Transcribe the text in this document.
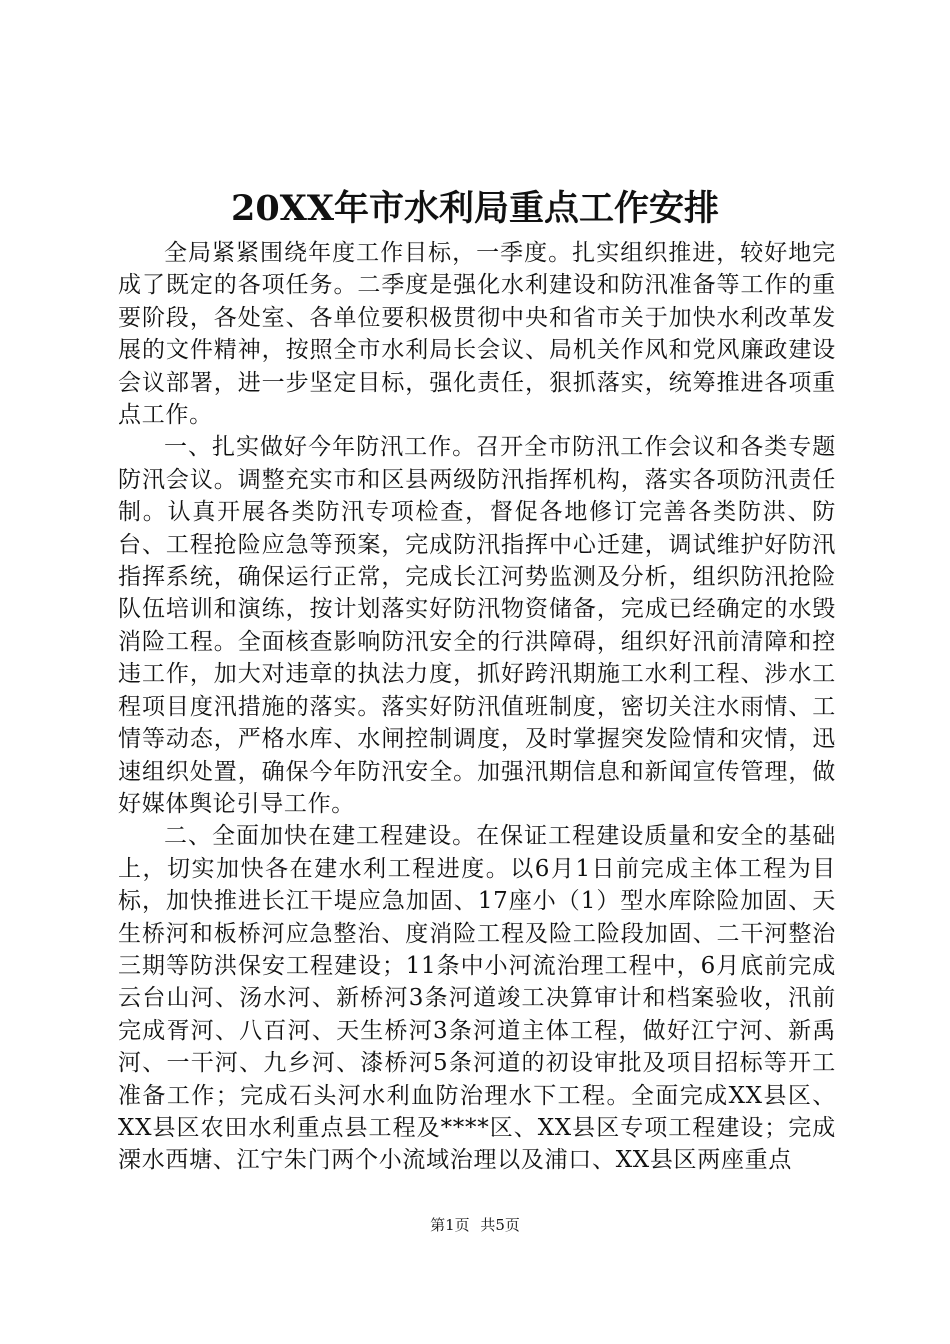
20XX年市水利局重点工作安排

全局紧紧围绕年度工作目标，一季度。扎实组织推进，较好地完成了既定的各项任务。二季度是强化水利建设和防汛准备等工作的重要阶段，各处室、各单位要积极贯彻中央和省市关于加快水利改革发展的文件精神，按照全市水利局长会议、局机关作风和党风廉政建设会议部署，进一步坚定目标，强化责任，狠抓落实，统筹推进各项重点工作。

一、扎实做好今年防汛工作。召开全市防汛工作会议和各类专题防汛会议。调整充实市和区县两级防汛指挥机构，落实各项防汛责任制。认真开展各类防汛专项检查，督促各地修订完善各类防洪、防台、工程抢险应急等预案，完成防汛指挥中心迁建，调试维护好防汛指挥系统，确保运行正常，完成长江河势监测及分析，组织防汛抢险队伍培训和演练，按计划落实好防汛物资储备，完成已经确定的水毁消险工程。全面核查影响防汛安全的行洪障碍，组织好汛前清障和控违工作，加大对违章的执法力度，抓好跨汛期施工水利工程、涉水工程项目度汛措施的落实。落实好防汛值班制度，密切关注水雨情、工情等动态，严格水库、水闸控制调度，及时掌握突发险情和灾情，迅速组织处置，确保今年防汛安全。加强汛期信息和新闻宣传管理，做好媒体舆论引导工作。

二、全面加快在建工程建设。在保证工程建设质量和安全的基础上，切实加快各在建水利工程进度。以6月1日前完成主体工程为目标，加快推进长江干堤应急加固、17座小（1）型水库除险加固、天生桥河和板桥河应急整治、度消险工程及险工险段加固、二干河整治三期等防洪保安工程建设；11条中小河流治理工程中，6月底前完成云台山河、汤水河、新桥河3条河道竣工决算审计和档案验收，汛前完成胥河、八百河、天生桥河3条河道主体工程，做好江宁河、新禹河、一干河、九乡河、漆桥河5条河道的初设审批及项目招标等开工准备工作；完成石头河水利血防治理水下工程。全面完成XX县区、XX县区农田水利重点县工程及****区、XX县区专项工程建设；完成溧水西塘、江宁朱门两个小流域治理以及浦口、XX县区两座重点

第1页 共5页
